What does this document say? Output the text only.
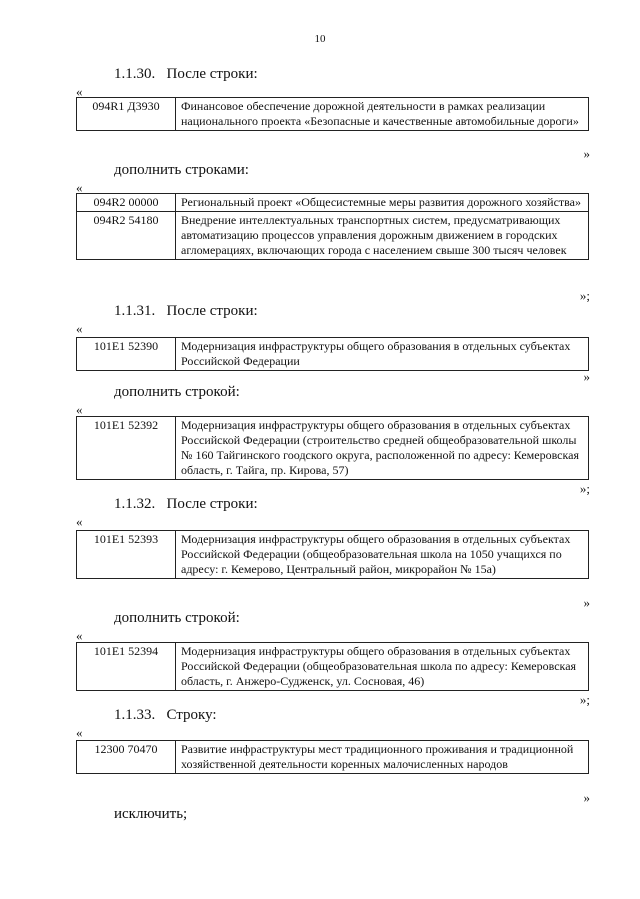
10
1.1.30.   После строки:
«
094R1 Д3930	Финансовое обеспечение дорожной деятельности в рамках реализации национального проекта «Безопасные и качественные автомобильные дороги»
»
дополнить строками:
«
094R2 00000	Региональный проект «Общесистемные меры развития дорожного хозяйства»
094R2 54180	Внедрение интеллектуальных транспортных систем, предусматривающих автоматизацию процессов управления дорожным движением в городских агломерациях, включающих города с населением свыше 300 тысяч человек
»;
1.1.31.   После строки:
«
101E1 52390	Модернизация инфраструктуры общего образования в отдельных субъектах Российской Федерации
»
дополнить строкой:
«
101E1 52392	Модернизация инфраструктуры общего образования в отдельных субъектах Российской Федерации (строительство средней общеобразовательной школы № 160 Тайгинского гоодского округа, расположенной по адресу: Кемеровская область, г. Тайга, пр. Кирова, 57)
»;
1.1.32.   После строки:
«
101E1 52393	Модернизация инфраструктуры общего образования в отдельных субъектах Российской Федерации (общеобразовательная школа на 1050 учащихся по адресу: г. Кемерово, Центральный район, микрорайон № 15а)
»
дополнить строкой:
«
101E1 52394	Модернизация инфраструктуры общего образования в отдельных субъектах Российской Федерации (общеобразовательная школа по адресу: Кемеровская область, г. Анжеро-Судженск, ул. Сосновая, 46)
»;
1.1.33.   Строку:
«
12300 70470	Развитие инфраструктуры мест традиционного проживания и традиционной хозяйственной деятельности коренных малочисленных народов
»
исключить;
